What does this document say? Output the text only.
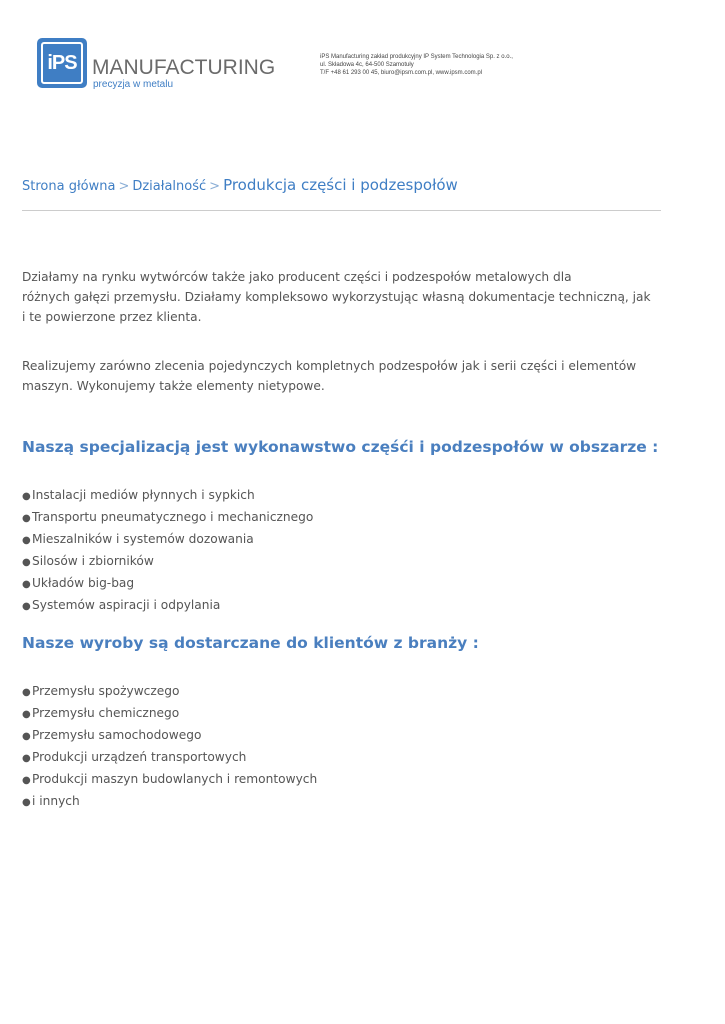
iPS MANUFACTURING
precyzja w metalu
iPS Manufacturing zakład produkcyjny IP System Technologia Sp. z o.o.,
ul. Składowa 4c, 64-500 Szamotuły
T/F +48 61 293 00 45, biuro@ipsm.com.pl, www.ipsm.com.pl
Strona główna > Działalność > Produkcja części i podzespołów

Działamy na rynku wytwórców także jako producent części i podzespołów metalowych dla
różnych gałęzi przemysłu. Działamy kompleksowo wykorzystując własną dokumentacje techniczną, jak
i te powierzone przez klienta.

Realizujemy zarówno zlecenia pojedynczych kompletnych podzespołów jak i serii części i elementów
maszyn. Wykonujemy także elementy nietypowe.

Naszą specjalizacją jest wykonawstwo częśći i podzespołów w obszarze :
●Instalacji mediów płynnych i sypkich
●Transportu pneumatycznego i mechanicznego
●Mieszalników i systemów dozowania
●Silosów i zbiorników
●Układów big-bag
●Systemów aspiracji i odpylania
Nasze wyroby są dostarczane do klientów z branży :
●Przemysłu spożywczego
●Przemysłu chemicznego
●Przemysłu samochodowego
●Produkcji urządzeń transportowych
●Produkcji maszyn budowlanych i remontowych
●i innych
